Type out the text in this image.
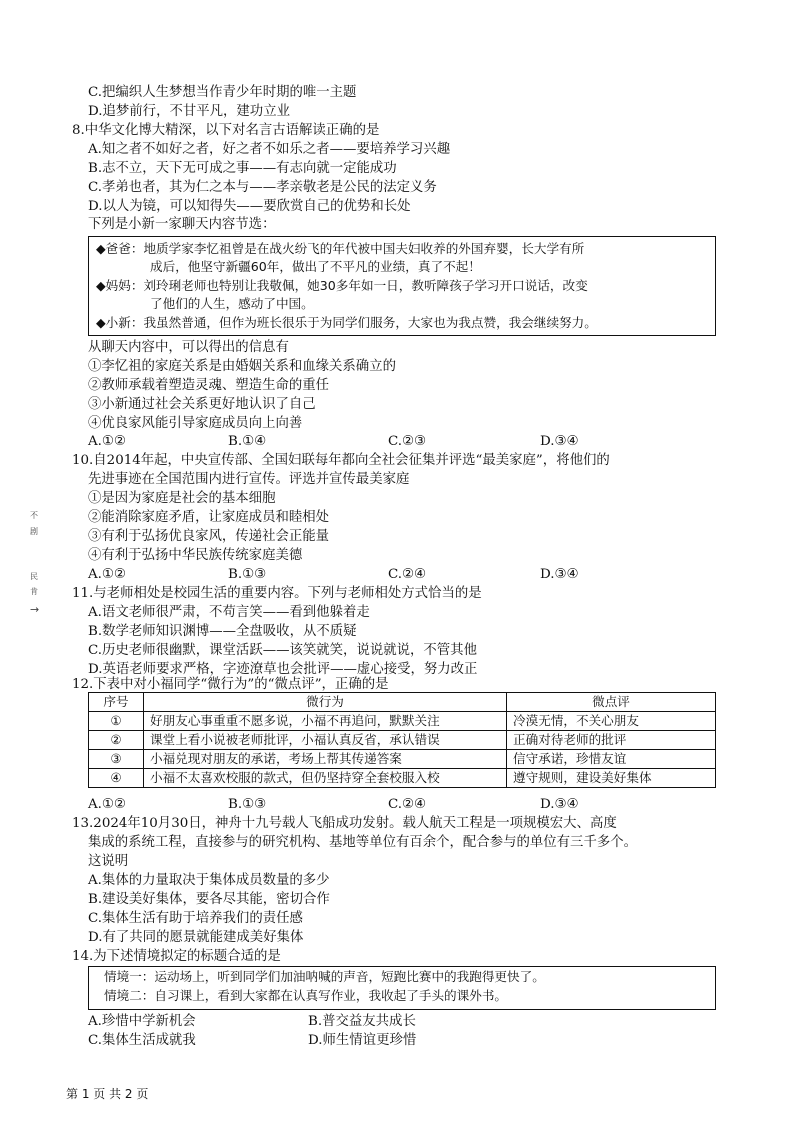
C.把编织人生梦想当作青少年时期的唯一主题
D.追梦前行，不甘平凡，建功立业
8.中华文化博大精深，以下对名言古语解读正确的是
A.知之者不如好之者，好之者不如乐之者——要培养学习兴趣
B.志不立，天下无可成之事——有志向就一定能成功
C.孝弟也者，其为仁之本与——孝亲敬老是公民的法定义务
D.以人为镜，可以知得失——要欣赏自己的优势和长处
下列是小新一家聊天内容节选：
◆爸爸：地质学家李忆祖曾是在战火纷飞的年代被中国夫妇收养的外国弃婴，长大学有所
成后，他坚守新疆60年，做出了不平凡的业绩，真了不起！
◆妈妈：刘玲琍老师也特别让我敬佩，她30多年如一日，教听障孩子学习开口说话，改变
了他们的人生，感动了中国。
◆小新：我虽然普通，但作为班长很乐于为同学们服务，大家也为我点赞，我会继续努力。
从聊天内容中，可以得出的信息有
①李忆祖的家庭关系是由婚姻关系和血缘关系确立的
②教师承载着塑造灵魂、塑造生命的重任
③小新通过社会关系更好地认识了自己
④优良家风能引导家庭成员向上向善
A.①②	B.①④	C.②③	D.③④
10.自2014年起，中央宣传部、全国妇联每年都向全社会征集并评选“最美家庭”，将他们的
先进事迹在全国范围内进行宣传。评选并宣传最美家庭
①是因为家庭是社会的基本细胞
②能消除家庭矛盾，让家庭成员和睦相处
③有利于弘扬优良家风，传递社会正能量
④有利于弘扬中华民族传统家庭美德
A.①②	B.①③	C.②④	D.③④
11.与老师相处是校园生活的重要内容。下列与老师相处方式恰当的是
A.语文老师很严肃，不苟言笑——看到他躲着走
B.数学老师知识渊博——全盘吸收，从不质疑
C.历史老师很幽默，课堂活跃——该笑就笑，说说就说，不管其他
D.英语老师要求严格，字迹潦草也会批评——虚心接受，努力改正
12.下表中对小福同学“微行为”的“微点评”，正确的是
序号	微行为	微点评
①	好朋友心事重重不愿多说，小福不再追问，默默关注	冷漠无情，不关心朋友
②	课堂上看小说被老师批评，小福认真反省，承认错误	正确对待老师的批评
③	小福兑现对朋友的承诺，考场上帮其传递答案	信守承诺，珍惜友谊
④	小福不太喜欢校服的款式，但仍坚持穿全套校服入校	遵守规则，建设美好集体
A.①②	B.①③	C.②④	D.③④
13.2024年10月30日，神舟十九号载人飞船成功发射。载人航天工程是一项规模宏大、高度
集成的系统工程，直接参与的研究机构、基地等单位有百余个，配合参与的单位有三千多个。
这说明
A.集体的力量取决于集体成员数量的多少
B.建设美好集体，要各尽其能，密切合作
C.集体生活有助于培养我们的责任感
D.有了共同的愿景就能建成美好集体
14.为下述情境拟定的标题合适的是
情境一：运动场上，听到同学们加油呐喊的声音，短跑比赛中的我跑得更快了。
情境二：自习课上，看到大家都在认真写作业，我收起了手头的课外书。
A.珍惜中学新机会	B.普交益友共成长
C.集体生活成就我	D.师生情谊更珍惜
不
剧
民
肯
→
第 1 页 共 2 页
